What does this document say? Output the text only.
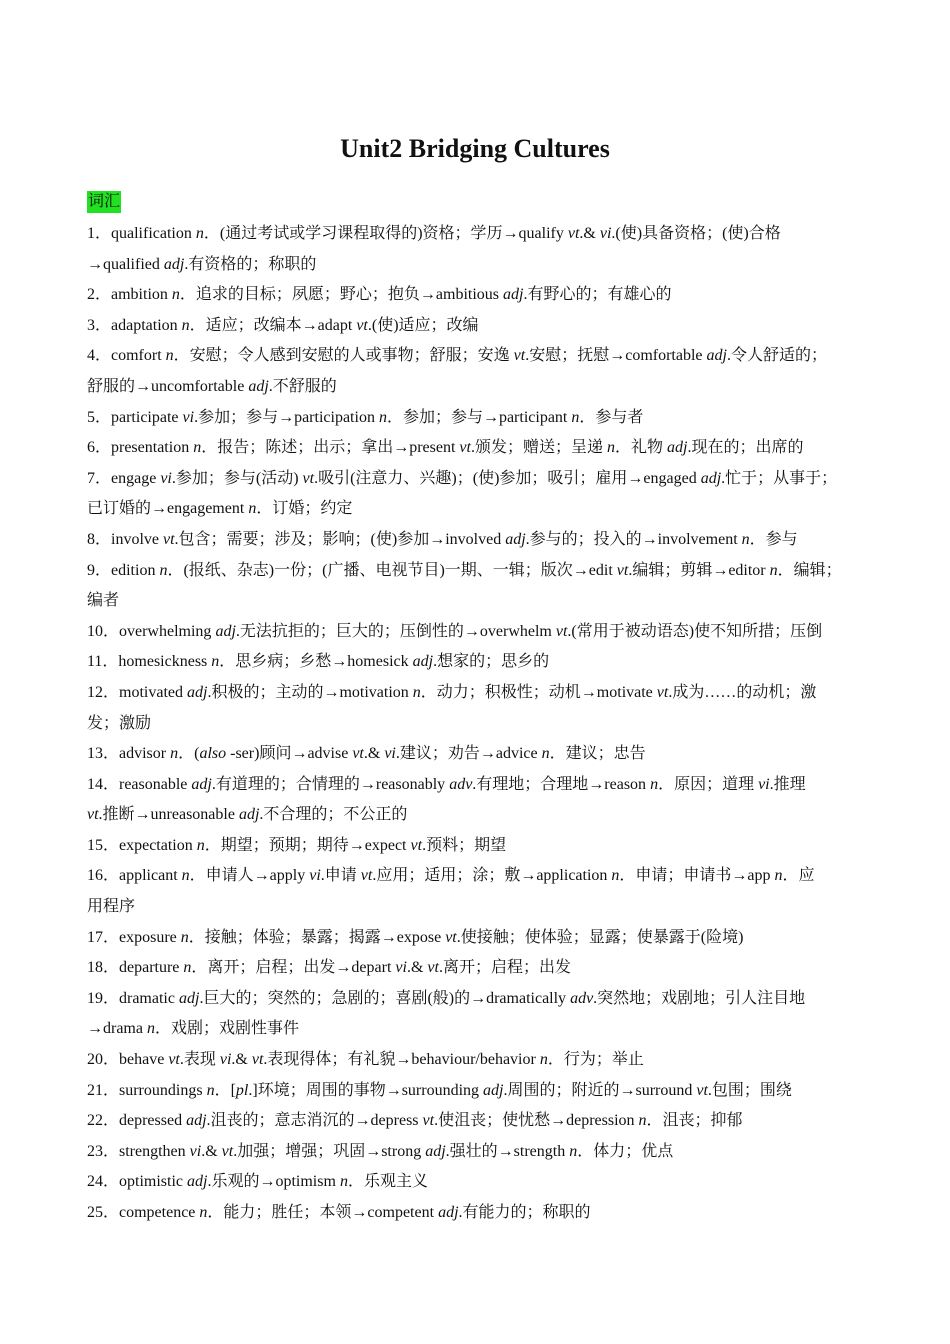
Unit2 Bridging Cultures
词汇
1．qualification n．(通过考试或学习课程取得的)资格；学历→qualify vt.& vi.(使)具备资格；(使)合格
→qualified adj.有资格的；称职的
2．ambition n．追求的目标；夙愿；野心；抱负→ambitious adj.有野心的；有雄心的
3．adaptation n．适应；改编本→adapt vt.(使)适应；改编
4．comfort n．安慰；令人感到安慰的人或事物；舒服；安逸 vt.安慰；抚慰→comfortable adj.令人舒适的；
舒服的→uncomfortable adj.不舒服的
5．participate vi.参加；参与→participation n．参加；参与→participant n．参与者
6．presentation n．报告；陈述；出示；拿出→present vt.颁发；赠送；呈递 n．礼物 adj.现在的；出席的
7．engage vi.参加；参与(活动) vt.吸引(注意力、兴趣)；(使)参加；吸引；雇用→engaged adj.忙于；从事于；
已订婚的→engagement n．订婚；约定
8．involve vt.包含；需要；涉及；影响；(使)参加→involved adj.参与的；投入的→involvement n．参与
9．edition n．(报纸、杂志)一份；(广播、电视节目)一期、一辑；版次→edit vt.编辑；剪辑→editor n．编辑；
编者
10．overwhelming adj.无法抗拒的；巨大的；压倒性的→overwhelm vt.(常用于被动语态)使不知所措；压倒
11．homesickness n．思乡病；乡愁→homesick adj.想家的；思乡的
12．motivated adj.积极的；主动的→motivation n．动力；积极性；动机→motivate vt.成为……的动机；激
发；激励
13．advisor n．(also -ser)顾问→advise vt.& vi.建议；劝告→advice n．建议；忠告
14．reasonable adj.有道理的；合情理的→reasonably adv.有理地；合理地→reason n．原因；道理 vi.推理
vt.推断→unreasonable adj.不合理的；不公正的
15．expectation n．期望；预期；期待→expect vt.预料；期望
16．applicant n．申请人→apply vi.申请 vt.应用；适用；涂；敷→application n．申请；申请书→app n．应
用程序
17．exposure n．接触；体验；暴露；揭露→expose vt.使接触；使体验；显露；使暴露于(险境)
18．departure n．离开；启程；出发→depart vi.& vt.离开；启程；出发
19．dramatic adj.巨大的；突然的；急剧的；喜剧(般)的→dramatically adv.突然地；戏剧地；引人注目地
→drama n．戏剧；戏剧性事件
20．behave vt.表现 vi.& vt.表现得体；有礼貌→behaviour/behavior n．行为；举止
21．surroundings n．[pl.]环境；周围的事物→surrounding adj.周围的；附近的→surround vt.包围；围绕
22．depressed adj.沮丧的；意志消沉的→depress vt.使沮丧；使忧愁→depression n．沮丧；抑郁
23．strengthen vi.& vt.加强；增强；巩固→strong adj.强壮的→strength n．体力；优点
24．optimistic adj.乐观的→optimism n．乐观主义
25．competence n．能力；胜任；本领→competent adj.有能力的；称职的
